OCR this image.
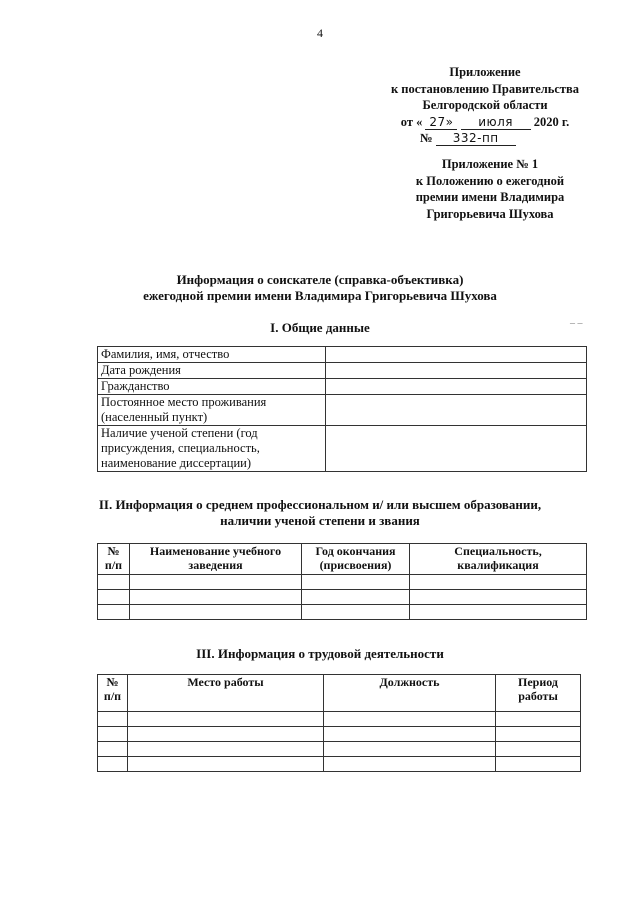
4
Приложение
к постановлению Правительства
Белгородской области
от « 27» июля 2020 г.
№ 332-пп
Приложение № 1
к Положению о ежегодной
премии имени Владимира
Григорьевича Шухова
Информация о соискателе (справка-объективка)
ежегодной премии имени Владимира Григорьевича Шухова
– –
I. Общие данные
Фамилия, имя, отчество	
Дата рождения	
Гражданство	
Постоянное место проживания (населенный пункт)	
Наличие ученой степени (год присуждения, специальность, наименование диссертации)	
II. Информация о среднем профессиональном и/ или высшем образовании,
наличии ученой степени и звания
№ п/п	Наименование учебного заведения	Год окончания (присвоения)	Специальность, квалификация

III. Информация о трудовой деятельности
№ п/п	Место работы	Должность	Период работы
